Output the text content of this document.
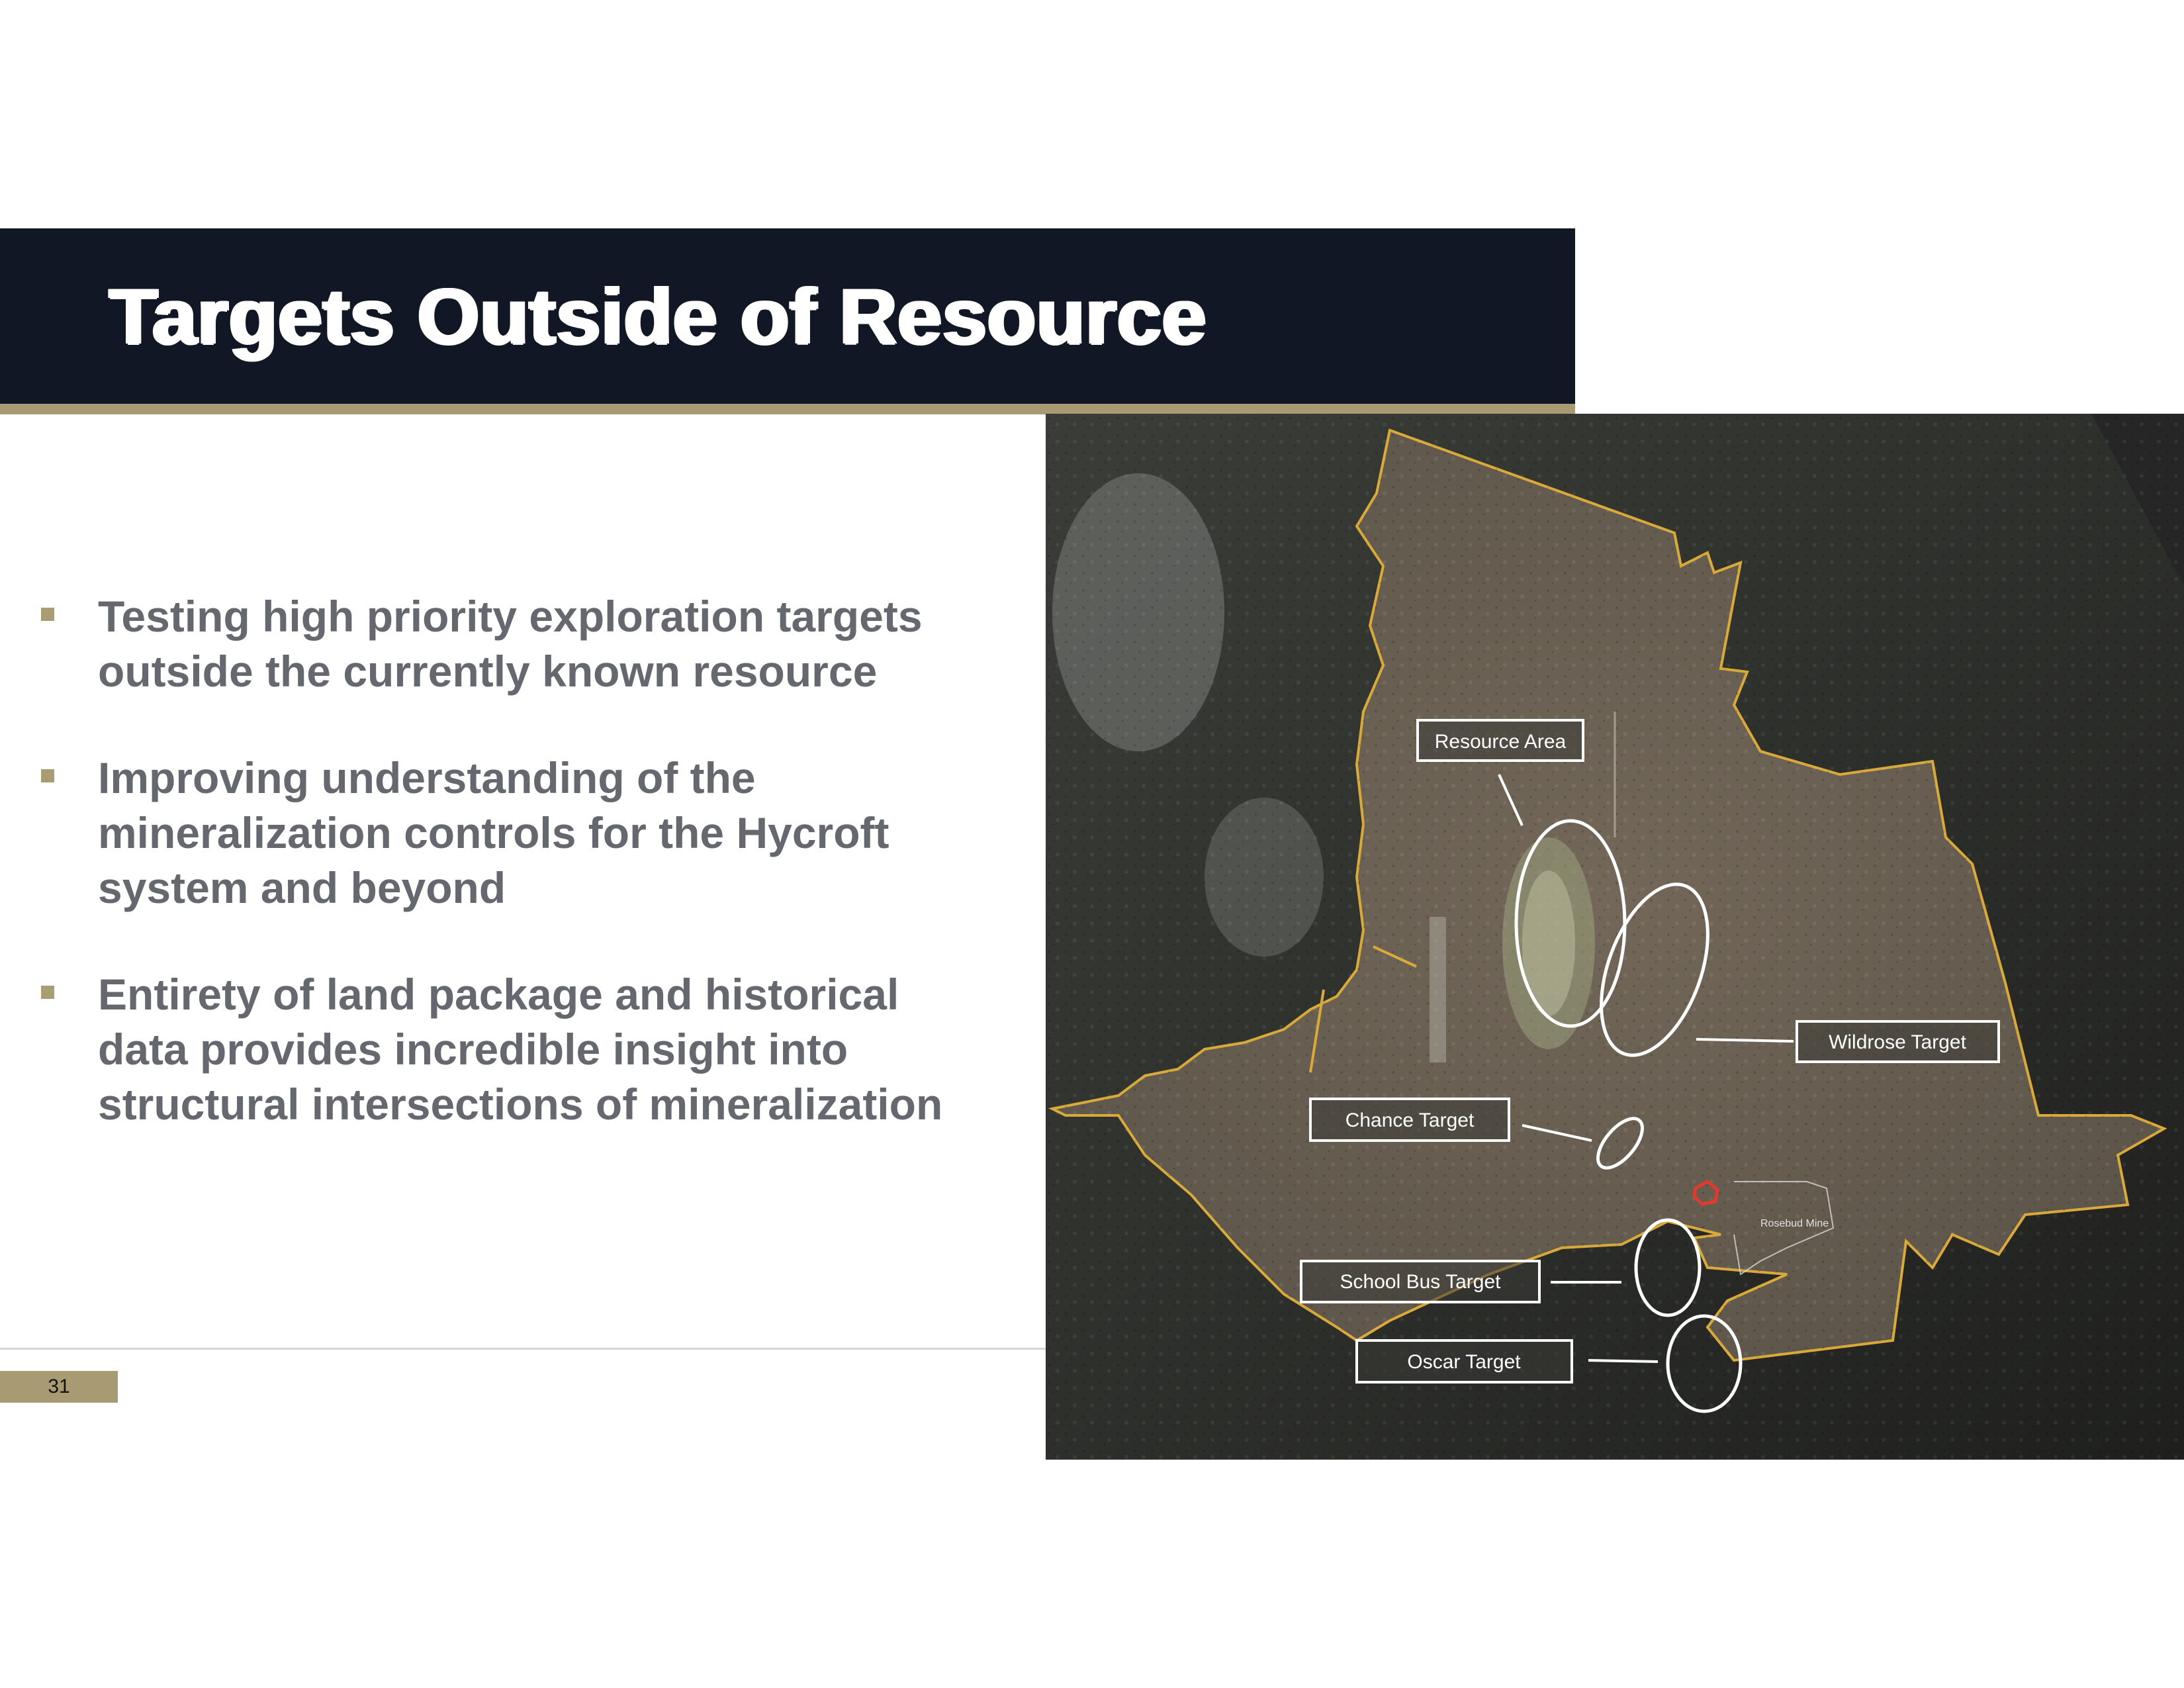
Targets Outside of Resource
Testing high priority exploration targets
outside the currently known resource
Improving understanding of the
mineralization controls for the Hycroft
system and beyond
Entirety of land package and historical
data provides incredible insight into
structural intersections of mineralization
31
Rosebud Mine
Resource Area
Wildrose Target
Chance Target
School Bus Target
Oscar Target
